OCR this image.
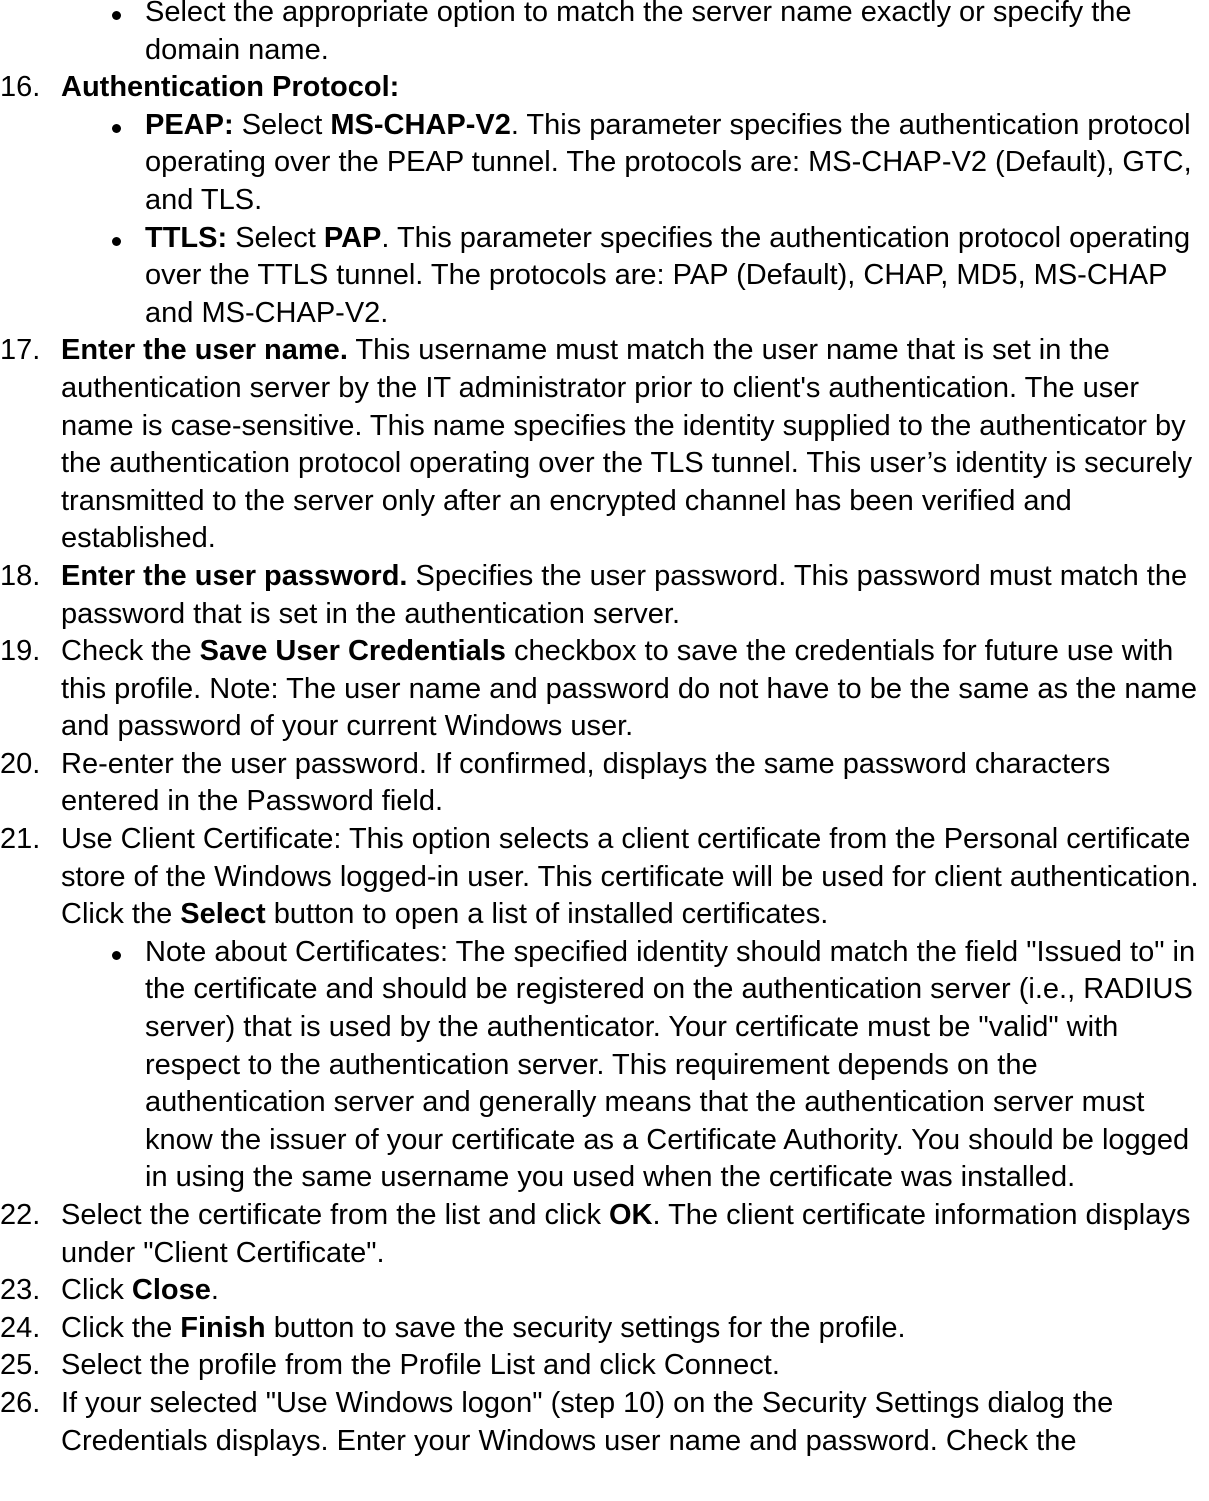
Select the appropriate option to match the server name exactly or specify the domain name.
16. Authentication Protocol:
PEAP: Select MS-CHAP-V2. This parameter specifies the authentication protocol operating over the PEAP tunnel. The protocols are: MS-CHAP-V2 (Default), GTC, and TLS.
TTLS: Select PAP. This parameter specifies the authentication protocol operating over the TTLS tunnel. The protocols are: PAP (Default), CHAP, MD5, MS-CHAP and MS-CHAP-V2.
17. Enter the user name. This username must match the user name that is set in the authentication server by the IT administrator prior to client's authentication. The user name is case-sensitive. This name specifies the identity supplied to the authenticator by the authentication protocol operating over the TLS tunnel. This user’s identity is securely transmitted to the server only after an encrypted channel has been verified and established.
18. Enter the user password. Specifies the user password. This password must match the password that is set in the authentication server.
19. Check the Save User Credentials checkbox to save the credentials for future use with this profile. Note: The user name and password do not have to be the same as the name and password of your current Windows user.
20. Re-enter the user password. If confirmed, displays the same password characters entered in the Password field.
21. Use Client Certificate: This option selects a client certificate from the Personal certificate store of the Windows logged-in user. This certificate will be used for client authentication. Click the Select button to open a list of installed certificates.
Note about Certificates: The specified identity should match the field "Issued to" in the certificate and should be registered on the authentication server (i.e., RADIUS server) that is used by the authenticator. Your certificate must be "valid" with respect to the authentication server. This requirement depends on the authentication server and generally means that the authentication server must know the issuer of your certificate as a Certificate Authority. You should be logged in using the same username you used when the certificate was installed.
22. Select the certificate from the list and click OK. The client certificate information displays under "Client Certificate".
23. Click Close.
24. Click the Finish button to save the security settings for the profile.
25. Select the profile from the Profile List and click Connect.
26. If your selected "Use Windows logon" (step 10) on the Security Settings dialog the Credentials displays. Enter your Windows user name and password. Check the
